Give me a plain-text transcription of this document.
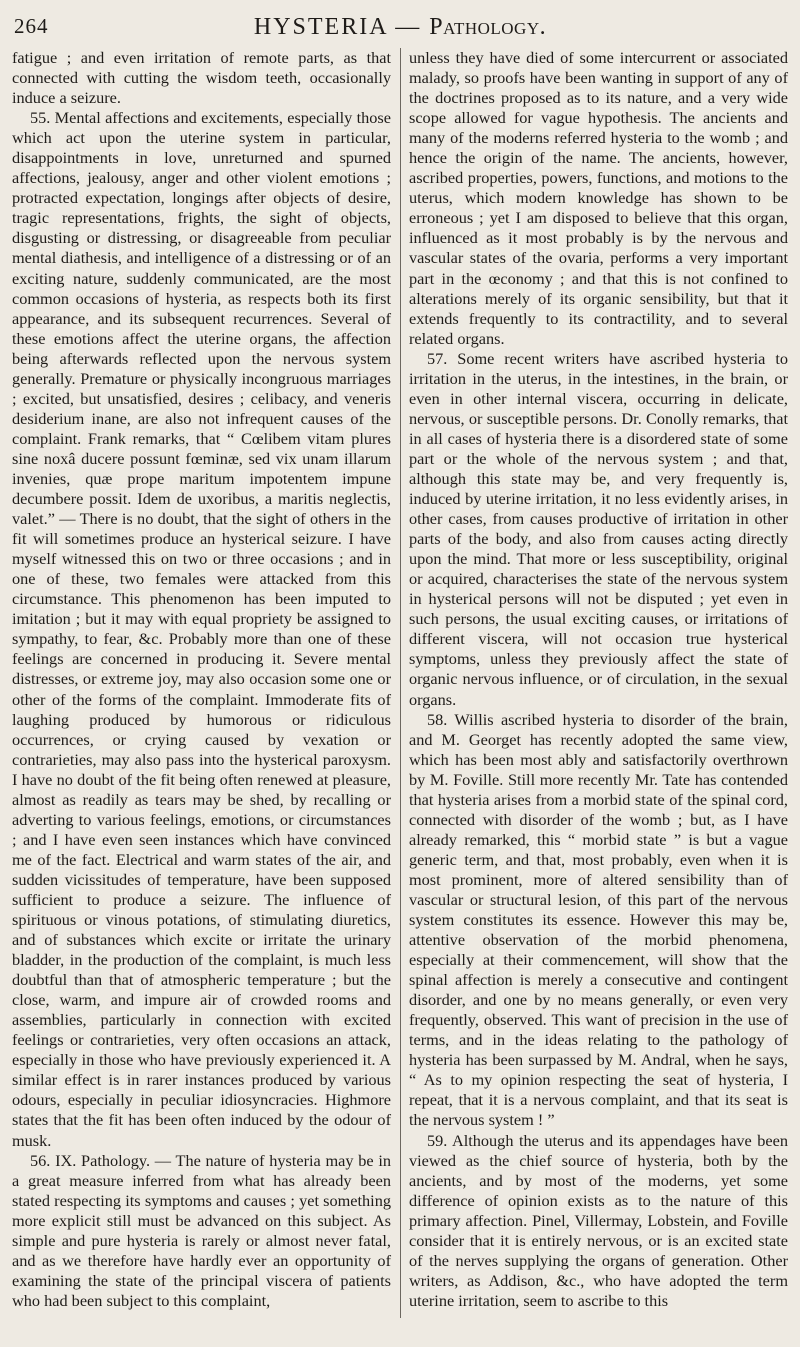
264	HYSTERIA — Pathology.

fatigue ; and even irritation of remote parts, as that connected with cutting the wisdom teeth, occasionally induce a seizure.

55. Mental affections and excitements, especially those which act upon the uterine system in particular, disappointments in love, unreturned and spurned affections, jealousy, anger and other violent emotions ; protracted expectation, longings after objects of desire, tragic representations, frights, the sight of objects, disgusting or distressing, or disagreeable from peculiar mental diathesis, and intelligence of a distressing or of an exciting nature, suddenly communicated, are the most common occasions of hysteria, as respects both its first appearance, and its subsequent recurrences. Several of these emotions affect the uterine organs, the affection being afterwards reflected upon the nervous system generally. Premature or physically incongruous marriages ; excited, but unsatisfied, desires ; celibacy, and veneris desiderium inane, are also not infrequent causes of the complaint. Frank remarks, that “ Cœlibem vitam plures sine noxâ ducere possunt fœminæ, sed vix unam illarum invenies, quæ prope maritum impotentem impune decumbere possit. Idem de uxoribus, a maritis neglectis, valet.” — There is no doubt, that the sight of others in the fit will sometimes produce an hysterical seizure. I have myself witnessed this on two or three occasions ; and in one of these, two females were attacked from this circumstance. This phenomenon has been imputed to imitation ; but it may with equal propriety be assigned to sympathy, to fear, &c. Probably more than one of these feelings are concerned in producing it. Severe mental distresses, or extreme joy, may also occasion some one or other of the forms of the complaint. Immoderate fits of laughing produced by humorous or ridiculous occurrences, or crying caused by vexation or contrarieties, may also pass into the hysterical paroxysm. I have no doubt of the fit being often renewed at pleasure, almost as readily as tears may be shed, by recalling or adverting to various feelings, emotions, or circumstances ; and I have even seen instances which have convinced me of the fact. Electrical and warm states of the air, and sudden vicissitudes of temperature, have been supposed sufficient to produce a seizure. The influence of spirituous or vinous potations, of stimulating diuretics, and of substances which excite or irritate the urinary bladder, in the production of the complaint, is much less doubtful than that of atmospheric temperature ; but the close, warm, and impure air of crowded rooms and assemblies, particularly in connection with excited feelings or contrarieties, very often occasions an attack, especially in those who have previously experienced it. A similar effect is in rarer instances produced by various odours, especially in peculiar idiosyncracies. Highmore states that the fit has been often induced by the odour of musk.

56. IX. Pathology. — The nature of hysteria may be in a great measure inferred from what has already been stated respecting its symptoms and causes ; yet something more explicit still must be advanced on this subject. As simple and pure hysteria is rarely or almost never fatal, and as we therefore have hardly ever an opportunity of examining the state of the principal viscera of patients who had been subject to this complaint,

unless they have died of some intercurrent or associated malady, so proofs have been wanting in support of any of the doctrines proposed as to its nature, and a very wide scope allowed for vague hypothesis. The ancients and many of the moderns referred hysteria to the womb ; and hence the origin of the name. The ancients, however, ascribed properties, powers, functions, and motions to the uterus, which modern knowledge has shown to be erroneous ; yet I am disposed to believe that this organ, influenced as it most probably is by the nervous and vascular states of the ovaria, performs a very important part in the œconomy ; and that this is not confined to alterations merely of its organic sensibility, but that it extends frequently to its contractility, and to several related organs.

57. Some recent writers have ascribed hysteria to irritation in the uterus, in the intestines, in the brain, or even in other internal viscera, occurring in delicate, nervous, or susceptible persons. Dr. Conolly remarks, that in all cases of hysteria there is a disordered state of some part or the whole of the nervous system ; and that, although this state may be, and very frequently is, induced by uterine irritation, it no less evidently arises, in other cases, from causes productive of irritation in other parts of the body, and also from causes acting directly upon the mind. That more or less susceptibility, original or acquired, characterises the state of the nervous system in hysterical persons will not be disputed ; yet even in such persons, the usual exciting causes, or irritations of different viscera, will not occasion true hysterical symptoms, unless they previously affect the state of organic nervous influence, or of circulation, in the sexual organs.

58. Willis ascribed hysteria to disorder of the brain, and M. Georget has recently adopted the same view, which has been most ably and satisfactorily overthrown by M. Foville. Still more recently Mr. Tate has contended that hysteria arises from a morbid state of the spinal cord, connected with disorder of the womb ; but, as I have already remarked, this “ morbid state ” is but a vague generic term, and that, most probably, even when it is most prominent, more of altered sensibility than of vascular or structural lesion, of this part of the nervous system constitutes its essence. However this may be, attentive observation of the morbid phenomena, especially at their commencement, will show that the spinal affection is merely a consecutive and contingent disorder, and one by no means generally, or even very frequently, observed. This want of precision in the use of terms, and in the ideas relating to the pathology of hysteria has been surpassed by M. Andral, when he says, “ As to my opinion respecting the seat of hysteria, I repeat, that it is a nervous complaint, and that its seat is the nervous system ! ”

59. Although the uterus and its appendages have been viewed as the chief source of hysteria, both by the ancients, and by most of the moderns, yet some difference of opinion exists as to the nature of this primary affection. Pinel, Villermay, Lobstein, and Foville consider that it is entirely nervous, or is an excited state of the nerves supplying the organs of generation. Other writers, as Addison, &c., who have adopted the term uterine irritation, seem to ascribe to this
